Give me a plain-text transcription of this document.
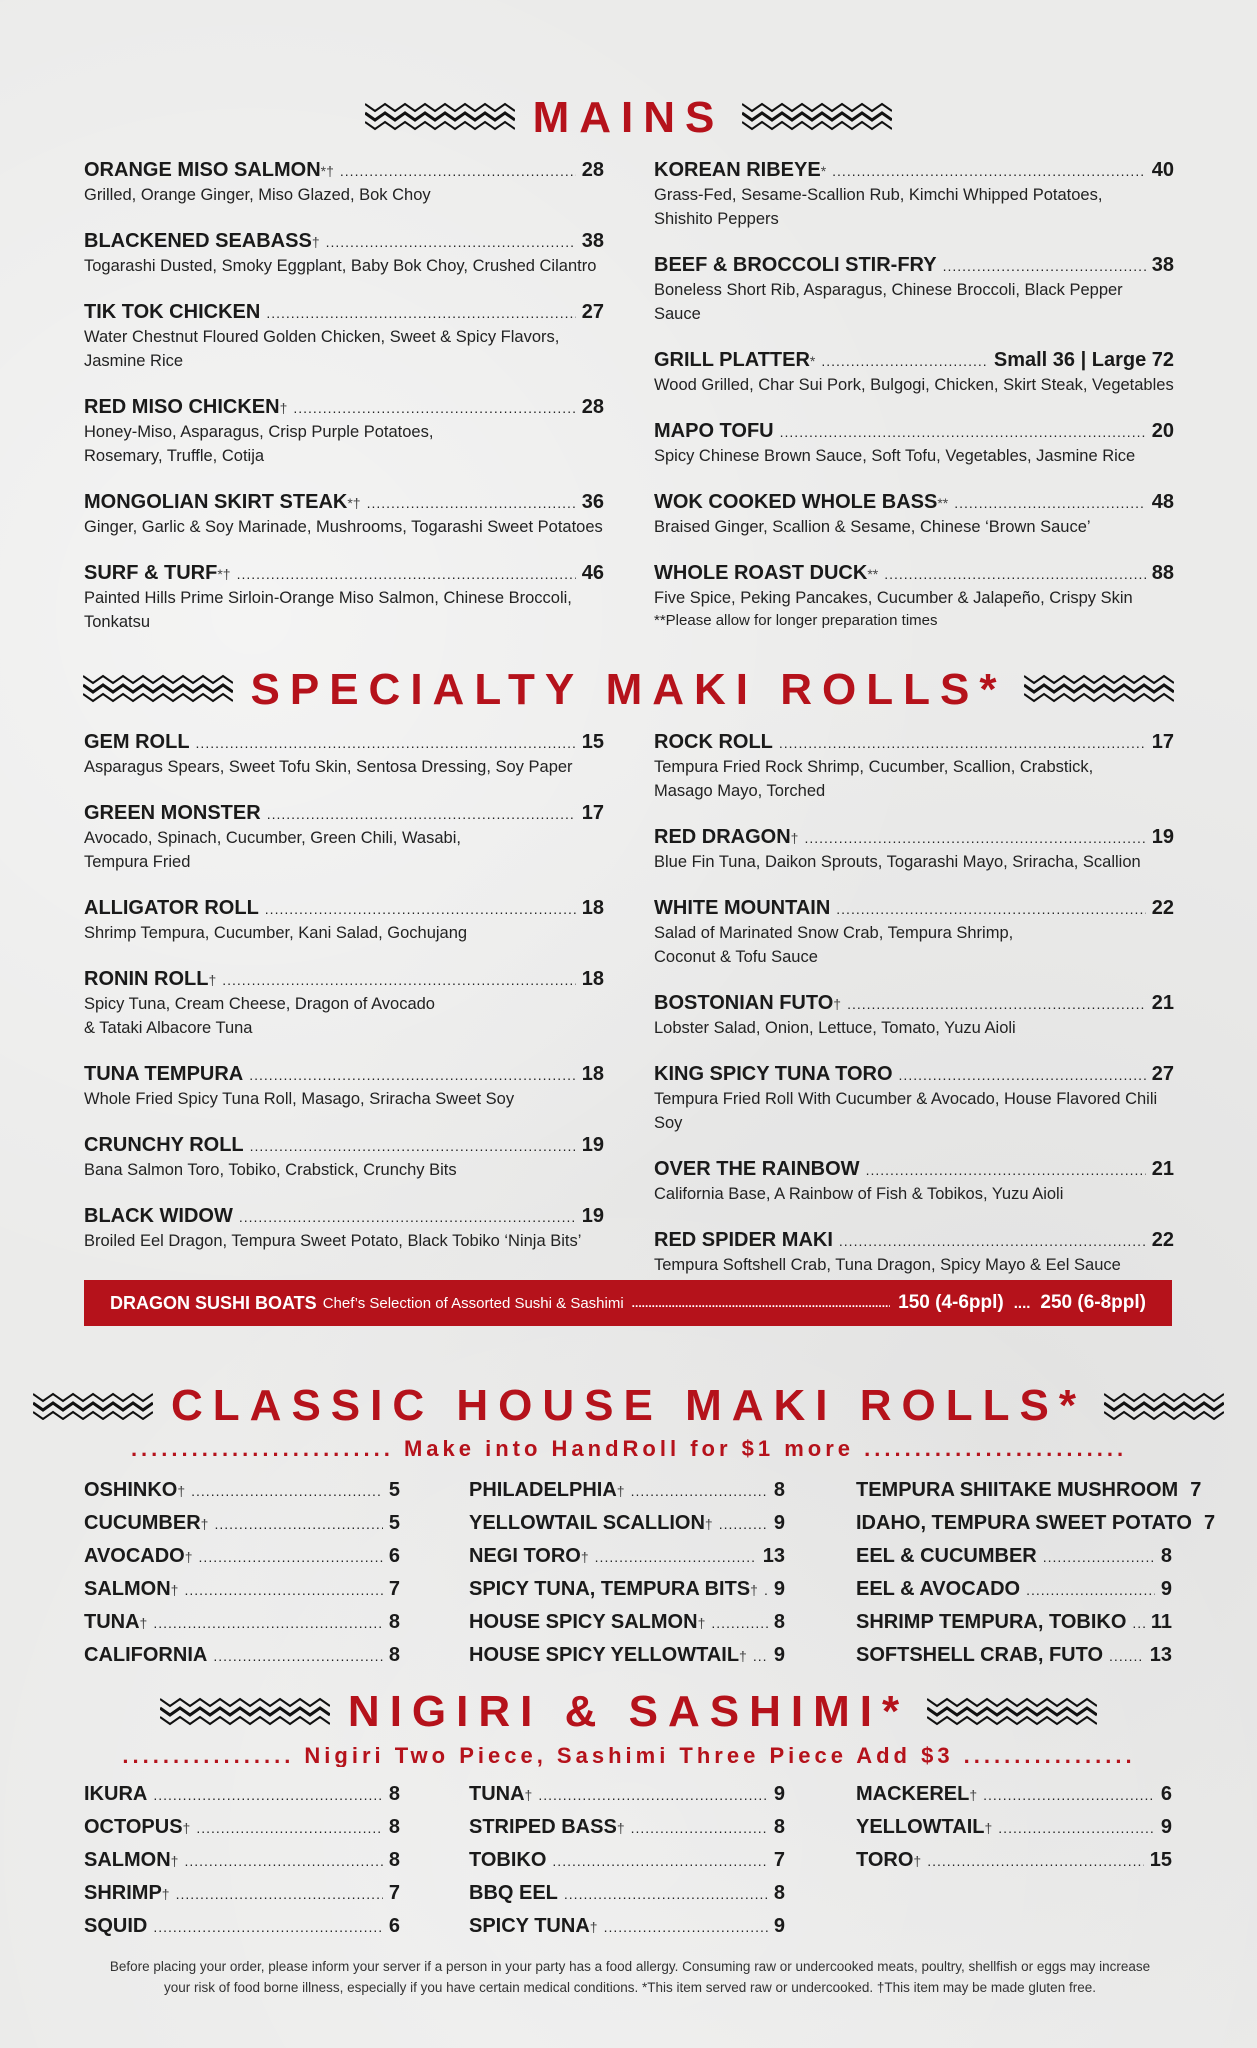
MAINS
ORANGE MISO SALMON *† .....	28
Grilled, Orange Ginger, Miso Glazed, Bok Choy
BLACKENED SEABASS † .....	38
Togarashi Dusted, Smoky Eggplant, Baby Bok Choy, Crushed Cilantro
TIK TOK CHICKEN .....	27
Water Chestnut Floured Golden Chicken, Sweet & Spicy Flavors,
Jasmine Rice
RED MISO CHICKEN † .....	28
Honey-Miso, Asparagus, Crisp Purple Potatoes,
Rosemary, Truffle, Cotija
MONGOLIAN SKIRT STEAK *† .....	36
Ginger, Garlic & Soy Marinade, Mushrooms, Togarashi Sweet Potatoes
SURF & TURF *† .....	46
Painted Hills Prime Sirloin-Orange Miso Salmon, Chinese Broccoli, Tonkatsu
KOREAN RIBEYE * .....	40
Grass-Fed, Sesame-Scallion Rub, Kimchi Whipped Potatoes,
Shishito Peppers
BEEF & BROCCOLI STIR-FRY .....	38
Boneless Short Rib, Asparagus, Chinese Broccoli, Black Pepper Sauce
GRILL PLATTER * .....	Small 36 | Large 72
Wood Grilled, Char Sui Pork, Bulgogi, Chicken, Skirt Steak, Vegetables
MAPO TOFU .....	20
Spicy Chinese Brown Sauce, Soft Tofu, Vegetables, Jasmine Rice
WOK COOKED WHOLE BASS ** .....	48
Braised Ginger, Scallion & Sesame, Chinese ‘Brown Sauce’
WHOLE ROAST DUCK ** .....	88
Five Spice, Peking Pancakes, Cucumber & Jalapeño, Crispy Skin
**Please allow for longer preparation times
SPECIALTY MAKI ROLLS*
GEM ROLL .....	15
Asparagus Spears, Sweet Tofu Skin, Sentosa Dressing, Soy Paper
GREEN MONSTER .....	17
Avocado, Spinach, Cucumber, Green Chili, Wasabi,
Tempura Fried
ALLIGATOR ROLL .....	18
Shrimp Tempura, Cucumber, Kani Salad, Gochujang
RONIN ROLL † .....	18
Spicy Tuna, Cream Cheese, Dragon of Avocado
& Tataki Albacore Tuna
TUNA TEMPURA .....	18
Whole Fried Spicy Tuna Roll, Masago, Sriracha Sweet Soy
CRUNCHY ROLL .....	19
Bana Salmon Toro, Tobiko, Crabstick, Crunchy Bits
BLACK WIDOW .....	19
Broiled Eel Dragon, Tempura Sweet Potato, Black Tobiko ‘Ninja Bits’
ROCK ROLL .....	17
Tempura Fried Rock Shrimp, Cucumber, Scallion, Crabstick,
Masago Mayo, Torched
RED DRAGON † .....	19
Blue Fin Tuna, Daikon Sprouts, Togarashi Mayo, Sriracha, Scallion
WHITE MOUNTAIN .....	22
Salad of Marinated Snow Crab, Tempura Shrimp,
Coconut & Tofu Sauce
BOSTONIAN FUTO † .....	21
Lobster Salad, Onion, Lettuce, Tomato, Yuzu Aioli
KING SPICY TUNA TORO .....	27
Tempura Fried Roll With Cucumber & Avocado, House Flavored Chili Soy
OVER THE RAINBOW .....	21
California Base, A Rainbow of Fish & Tobikos, Yuzu Aioli
RED SPIDER MAKI .....	22
Tempura Softshell Crab, Tuna Dragon, Spicy Mayo & Eel Sauce
DRAGON SUSHI BOATS Chef’s Selection of Assorted Sushi & Sashimi .....	150 (4-6ppl) .... 250 (6-8ppl)
CLASSIC HOUSE MAKI ROLLS*
.......................... Make into HandRoll for $1 more ..........................
OSHINKO † .....	5
CUCUMBER † .....	5
AVOCADO † .....	6
SALMON † .....	7
TUNA † .....	8
CALIFORNIA .....	8
PHILADELPHIA † .....	8
YELLOWTAIL SCALLION † .....	9
NEGI TORO † .....	13
SPICY TUNA, TEMPURA BITS † ..... 9
HOUSE SPICY SALMON † .....	8
HOUSE SPICY YELLOWTAIL † ..... 9
TEMPURA SHIITAKE MUSHROOM 7
IDAHO, TEMPURA SWEET POTATO 7
EEL & CUCUMBER .....	8
EEL & AVOCADO .....	9
SHRIMP TEMPURA, TOBIKO ..... 11
SOFTSHELL CRAB, FUTO ..... 13
NIGIRI & SASHIMI*
................. Nigiri Two Piece, Sashimi Three Piece Add $3 .................
IKURA .....	8
OCTOPUS † .....	8
SALMON † .....	8
SHRIMP † .....	7
SQUID .....	6
TUNA † .....	9
STRIPED BASS † .....	8
TOBIKO .....	7
BBQ EEL .....	8
SPICY TUNA † .....	9
MACKEREL † .....	6
YELLOWTAIL † .....	9
TORO † .....	15
Before placing your order, please inform your server if a person in your party has a food allergy. Consuming raw or undercooked meats, poultry, shellfish or eggs may increase your risk of food borne illness, especially if you have certain medical conditions. *This item served raw or undercooked. †This item may be made gluten free.
